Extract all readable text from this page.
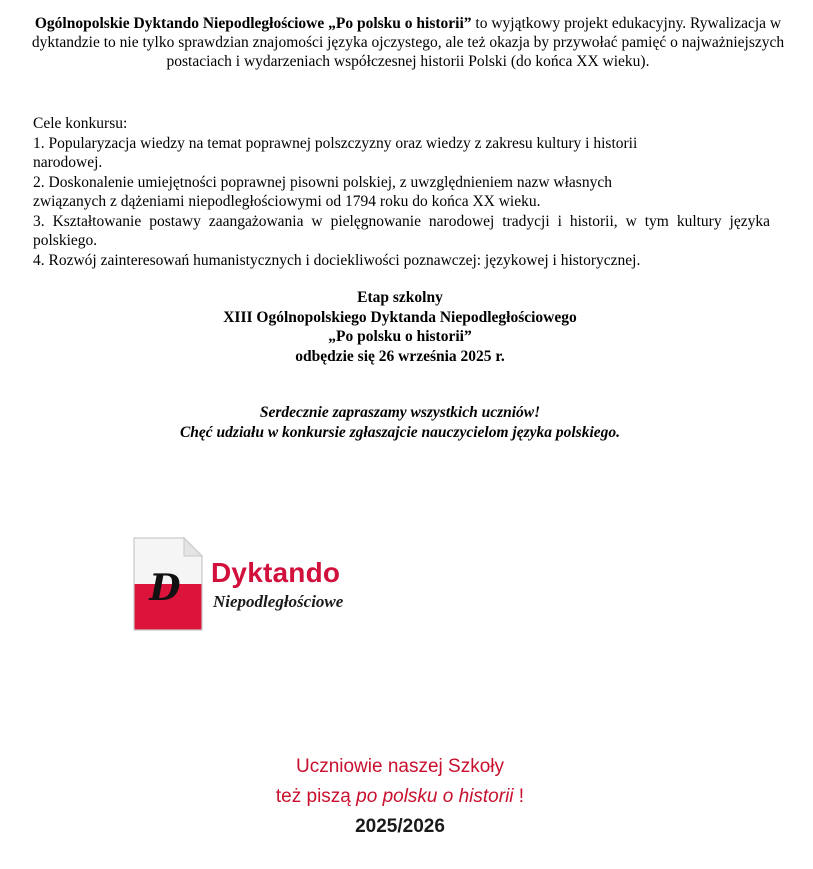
Ogólnopolskie Dyktando Niepodległościowe „Po polsku o historii” to wyjątkowy projekt edukacyjny. Rywalizacja w dyktandzie to nie tylko sprawdzian znajomości języka ojczystego, ale też okazja by przywołać pamięć o najważniejszych postaciach i wydarzeniach współczesnej historii Polski (do końca XX wieku).

Cele konkursu:

1. Popularyzacja wiedzy na temat poprawnej polszczyzny oraz wiedzy z zakresu kultury i historii narodowej.

2. Doskonalenie umiejętności poprawnej pisowni polskiej, z uwzględnieniem nazw własnych związanych z dążeniami niepodległościowymi od 1794 roku do końca XX wieku.

3. Kształtowanie postawy zaangażowania w pielęgnowanie narodowej tradycji i historii, w tym kultury języka polskiego.

4. Rozwój zainteresowań humanistycznych i dociekliwości poznawczej: językowej i historycznej.

Etap szkolny
XIII Ogólnopolskiego Dyktanda Niepodległościowego
„Po polsku o historii”
odbędzie się 26 września 2025 r.
Serdecznie zapraszamy wszystkich uczniów!
Chęć udziału w konkursie zgłaszajcie nauczycielom języka polskiego.
D Dyktando
Niepodległościowe
Uczniowie naszej Szkoły
też piszą po polsku o historii !
2025/2026
